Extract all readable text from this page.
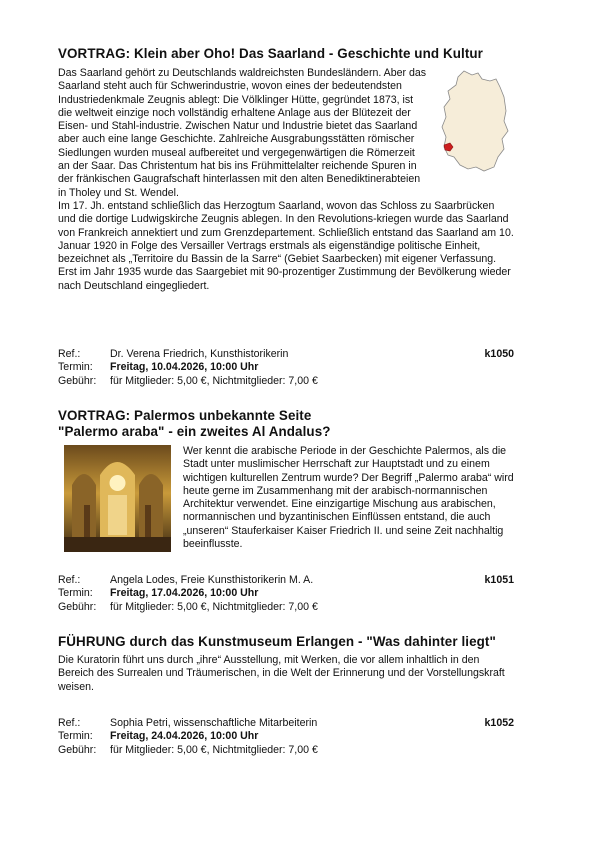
VORTRAG: Klein aber Oho! Das Saarland - Geschichte und Kultur

Das Saarland gehört zu Deutschlands waldreichsten Bundesländern. Aber das Saarland steht auch für Schwerindustrie, wovon eines der bedeutendsten Industriedenkmale Zeugnis ablegt: Die Völklinger Hütte, gegründet 1873, ist die weltweit einzige noch vollständig erhaltene Anlage aus der Blütezeit der Eisen- und Stahl-industrie. Zwischen Natur und Industrie bietet das Saarland aber auch eine lange Geschichte. Zahlreiche Ausgrabungsstätten römischer Siedlungen wurden museal aufbereitet und vergegenwärtigen die Römerzeit an der Saar. Das Christentum hat bis ins Frühmittelalter reichende Spuren in der fränkischen Gaugrafschaft hinterlassen mit den alten Benediktinerabteien in Tholey und St. Wendel.

Im 17. Jh. entstand schließlich das Herzogtum Saarland, wovon das Schloss zu Saarbrücken und die dortige Ludwigskirche Zeugnis ablegen. In den Revolutions-kriegen wurde das Saarland von Frankreich annektiert und zum Grenzdepartement. Schließlich entstand das Saarland am 10. Januar 1920 in Folge des Versailler Vertrags erstmals als eigenständige politische Einheit, bezeichnet als „Territoire du Bassin de la Sarre“ (Gebiet Saarbecken) mit eigener Verfassung. Erst im Jahr 1935 wurde das Saargebiet mit 90-prozentiger Zustimmung der Bevölkerung wieder nach Deutschland eingegliedert.

Ref.:	Dr. Verena Friedrich, Kunsthistorikerin	k1050
Termin: Freitag, 10.04.2026, 10:00 Uhr
Gebühr: für Mitglieder: 5,00 €, Nichtmitglieder: 7,00 €

VORTRAG: Palermos unbekannte Seite

"Palermo araba" - ein zweites Al Andalus?

Wer kennt die arabische Periode in der Geschichte Palermos, als die Stadt unter muslimischer Herrschaft zur Hauptstadt und zu einem wichtigen kulturellen Zentrum wurde? Der Begriff „Palermo araba“ wird heute gerne im Zusammenhang mit der arabisch-normannischen Architektur verwendet. Eine einzigartige Mischung aus arabischen, normannischen und byzantinischen Einflüssen entstand, die auch „unseren“ Stauferkaiser Kaiser Friedrich II. und seine Zeit nachhaltig beeinflusste.

Ref.:	Angela Lodes, Freie Kunsthistorikerin M. A.	k1051
Termin: Freitag, 17.04.2026, 10:00 Uhr
Gebühr: für Mitglieder: 5,00 €, Nichtmitglieder: 7,00 €

FÜHRUNG durch das Kunstmuseum Erlangen - "Was dahinter liegt"

Die Kuratorin führt uns durch „ihre“ Ausstellung, mit Werken, die vor allem inhaltlich in den Bereich des Surrealen und Träumerischen, in die Welt der Erinnerung und der Vorstellungskraft weisen.

Ref.:	Sophia Petri, wissenschaftliche Mitarbeiterin	k1052
Termin: Freitag, 24.04.2026, 10:00 Uhr
Gebühr: für Mitglieder: 5,00 €, Nichtmitglieder: 7,00 €
